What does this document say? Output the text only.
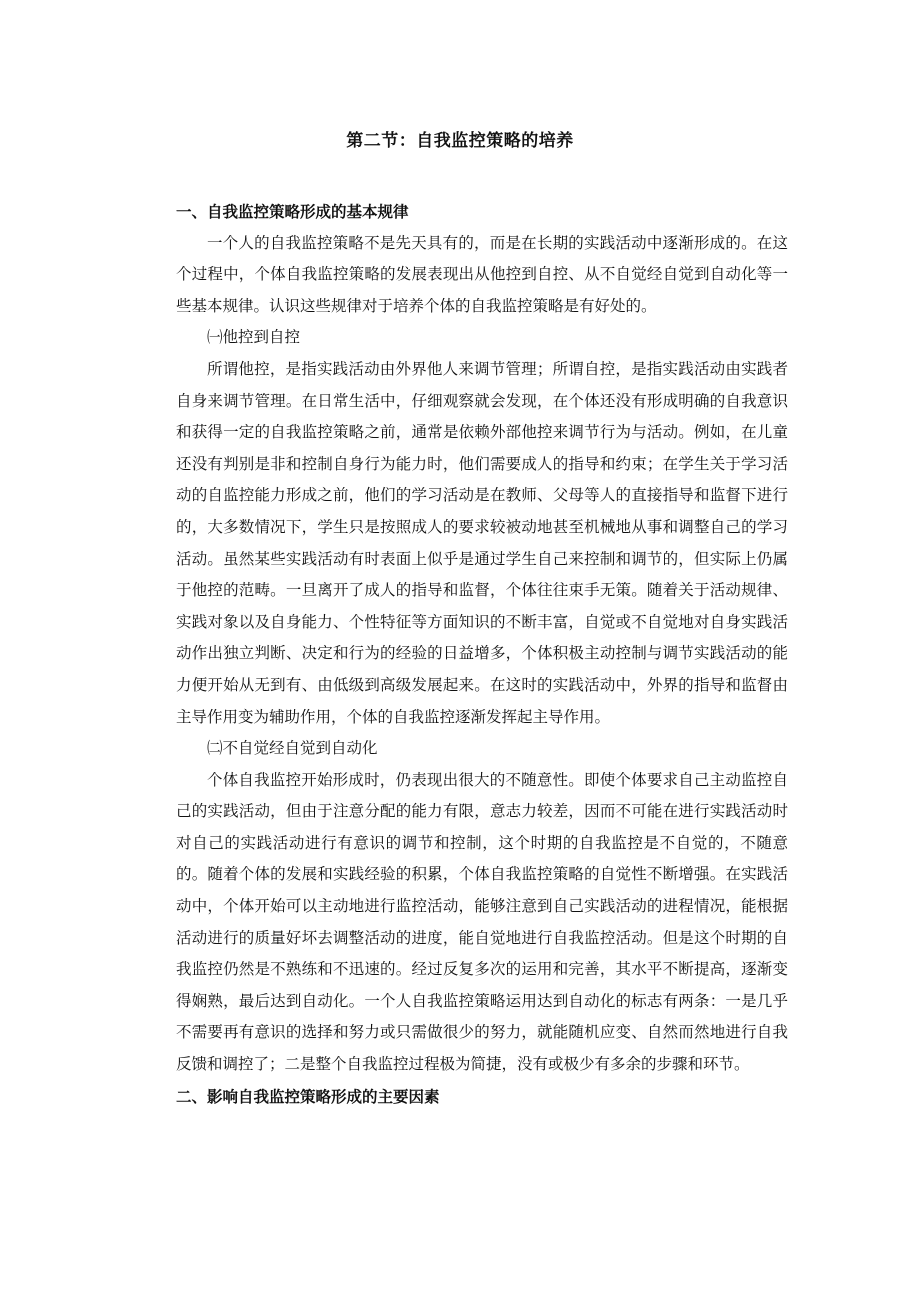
第二节：自我监控策略的培养

一、自我监控策略形成的基本规律

一个人的自我监控策略不是先天具有的，而是在长期的实践活动中逐渐形成的。在这个过程中，个体自我监控策略的发展表现出从他控到自控、从不自觉经自觉到自动化等一些基本规律。认识这些规律对于培养个体的自我监控策略是有好处的。

㈠他控到自控

所谓他控，是指实践活动由外界他人来调节管理；所谓自控，是指实践活动由实践者自身来调节管理。在日常生活中，仔细观察就会发现，在个体还没有形成明确的自我意识和获得一定的自我监控策略之前，通常是依赖外部他控来调节行为与活动。例如，在儿童还没有判别是非和控制自身行为能力时，他们需要成人的指导和约束；在学生关于学习活动的自监控能力形成之前，他们的学习活动是在教师、父母等人的直接指导和监督下进行的，大多数情况下，学生只是按照成人的要求较被动地甚至机械地从事和调整自己的学习活动。虽然某些实践活动有时表面上似乎是通过学生自己来控制和调节的，但实际上仍属于他控的范畴。一旦离开了成人的指导和监督，个体往往束手无策。随着关于活动规律、实践对象以及自身能力、个性特征等方面知识的不断丰富，自觉或不自觉地对自身实践活动作出独立判断、决定和行为的经验的日益增多，个体积极主动控制与调节实践活动的能力便开始从无到有、由低级到高级发展起来。在这时的实践活动中，外界的指导和监督由主导作用变为辅助作用，个体的自我监控逐渐发挥起主导作用。

㈡不自觉经自觉到自动化

个体自我监控开始形成时，仍表现出很大的不随意性。即使个体要求自己主动监控自己的实践活动，但由于注意分配的能力有限，意志力较差，因而不可能在进行实践活动时对自己的实践活动进行有意识的调节和控制，这个时期的自我监控是不自觉的，不随意的。随着个体的发展和实践经验的积累，个体自我监控策略的自觉性不断增强。在实践活动中，个体开始可以主动地进行监控活动，能够注意到自己实践活动的进程情况，能根据活动进行的质量好坏去调整活动的进度，能自觉地进行自我监控活动。但是这个时期的自我监控仍然是不熟练和不迅速的。经过反复多次的运用和完善，其水平不断提高，逐渐变得娴熟，最后达到自动化。一个人自我监控策略运用达到自动化的标志有两条：一是几乎不需要再有意识的选择和努力或只需做很少的努力，就能随机应变、自然而然地进行自我反馈和调控了；二是整个自我监控过程极为简捷，没有或极少有多余的步骤和环节。

二、影响自我监控策略形成的主要因素
